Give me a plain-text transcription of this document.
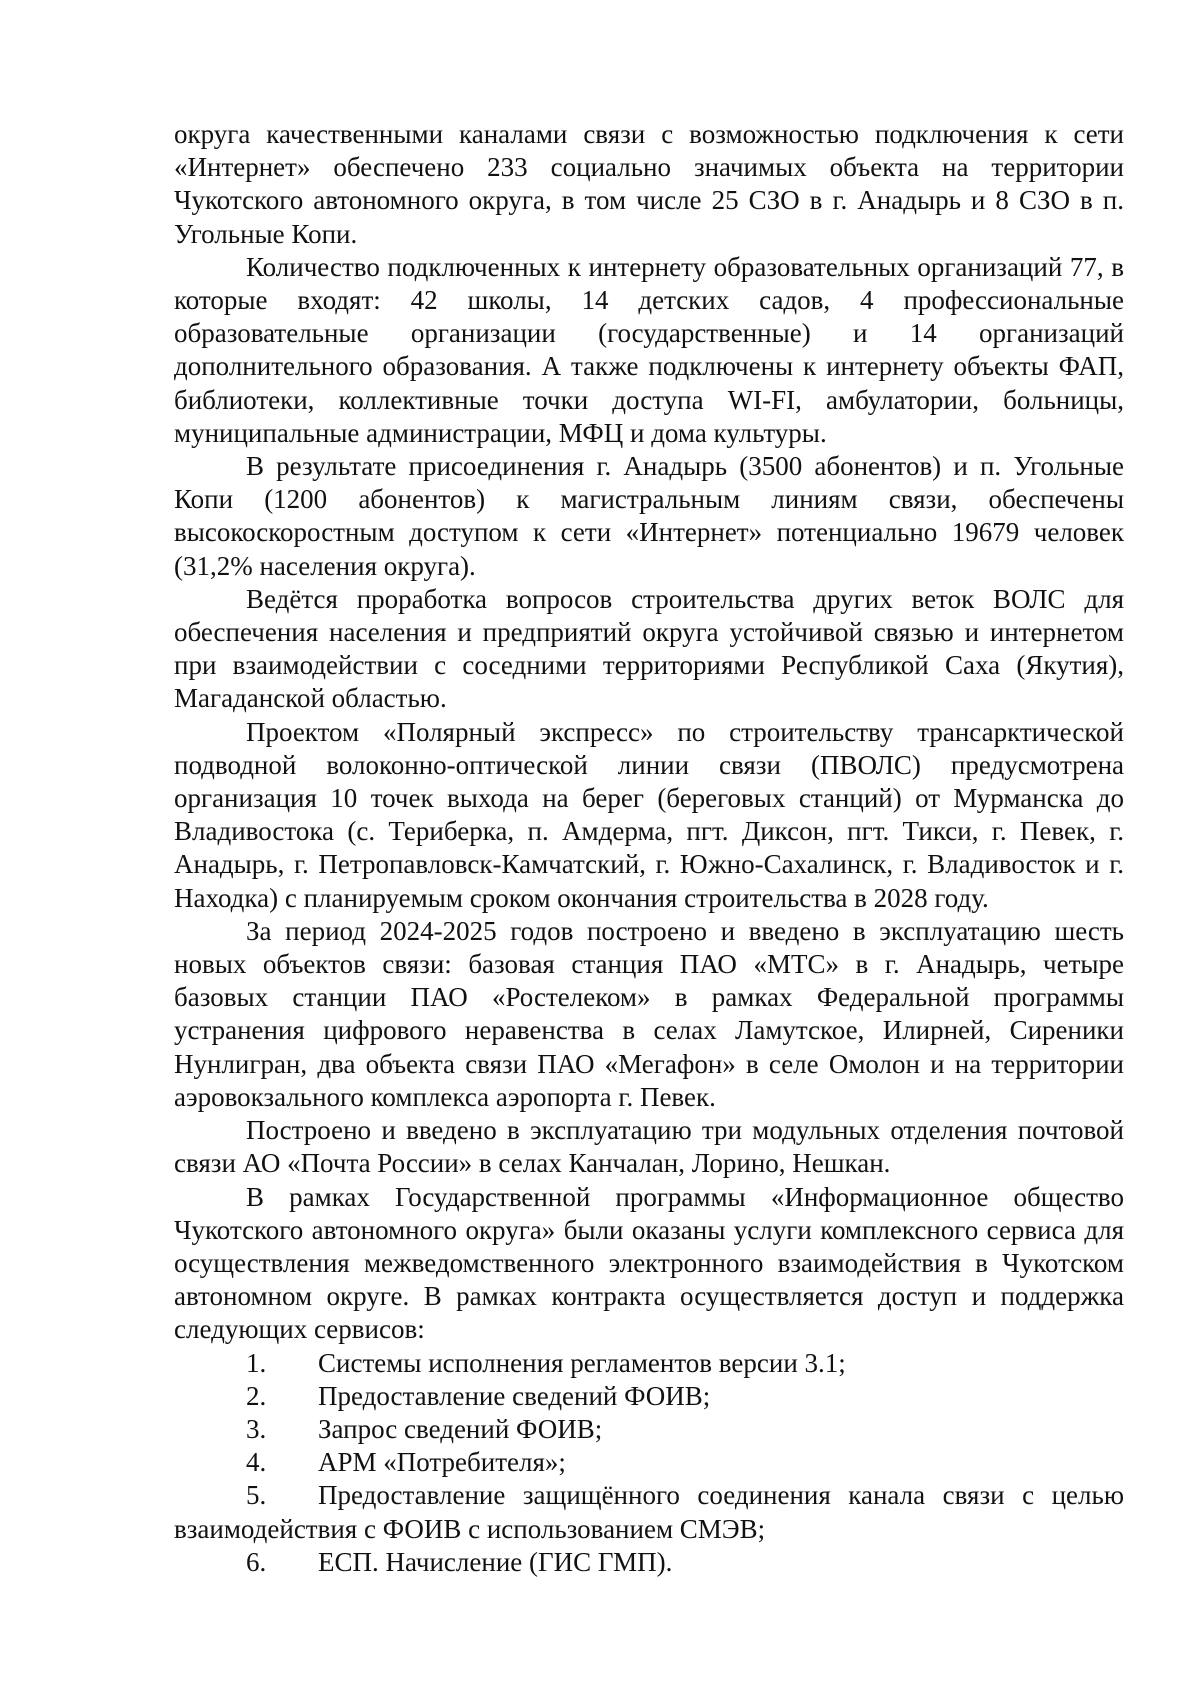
округа качественными каналами связи с возможностью подключения к сети «Интернет» обеспечено 233 социально значимых объекта на территории Чукотского автономного округа, в том числе 25 СЗО в г. Анадырь и 8 СЗО в п. Угольные Копи.

Количество подключенных к интернету образовательных организаций 77, в которые входят: 42 школы, 14 детских садов, 4 профессиональные образовательные организации (государственные) и 14 организаций дополнительного образования. А также подключены к интернету объекты ФАП, библиотеки, коллективные точки доступа WI-FI, амбулатории, больницы, муниципальные администрации, МФЦ и дома культуры.

В результате присоединения г. Анадырь (3500 абонентов) и п. Угольные Копи (1200 абонентов) к магистральным линиям связи, обеспечены высокоскоростным доступом к сети «Интернет» потенциально 19679 человек (31,2% населения округа).

Ведётся проработка вопросов строительства других веток ВОЛС для обеспечения населения и предприятий округа устойчивой связью и интернетом при взаимодействии с соседними территориями Республикой Саха (Якутия), Магаданской областью.

Проектом «Полярный экспресс» по строительству трансарктической подводной волоконно-оптической линии связи (ПВОЛС) предусмотрена организация 10 точек выхода на берег (береговых станций) от Мурманска до Владивостока (с. Териберка, п. Амдерма, пгт. Диксон, пгт. Тикси, г. Певек, г. Анадырь, г. Петропавловск-Камчатский, г. Южно-Сахалинск, г. Владивосток и г. Находка) с планируемым сроком окончания строительства в 2028 году.

За период 2024-2025 годов построено и введено в эксплуатацию шесть новых объектов связи: базовая станция ПАО «МТС» в г. Анадырь, четыре базовых станции ПАО «Ростелеком» в рамках Федеральной программы устранения цифрового неравенства в селах Ламутское, Илирней, Сиреники Нунлигран, два объекта связи ПАО «Мегафон» в селе Омолон и на территории аэровокзального комплекса аэропорта г. Певек.

Построено и введено в эксплуатацию три модульных отделения почтовой связи АО «Почта России» в селах Канчалан, Лорино, Нешкан.

В рамках Государственной программы «Информационное общество Чукотского автономного округа» были оказаны услуги комплексного сервиса для осуществления межведомственного электронного взаимодействия в Чукотском автономном округе. В рамках контракта осуществляется доступ и поддержка следующих сервисов:

1. Системы исполнения регламентов версии 3.1;
2. Предоставление сведений ФОИВ;
3. Запрос сведений ФОИВ;
4. АРМ «Потребителя»;
5. Предоставление защищённого соединения канала связи с целью взаимодействия с ФОИВ с использованием СМЭВ;
6. ЕСП. Начисление (ГИС ГМП).
